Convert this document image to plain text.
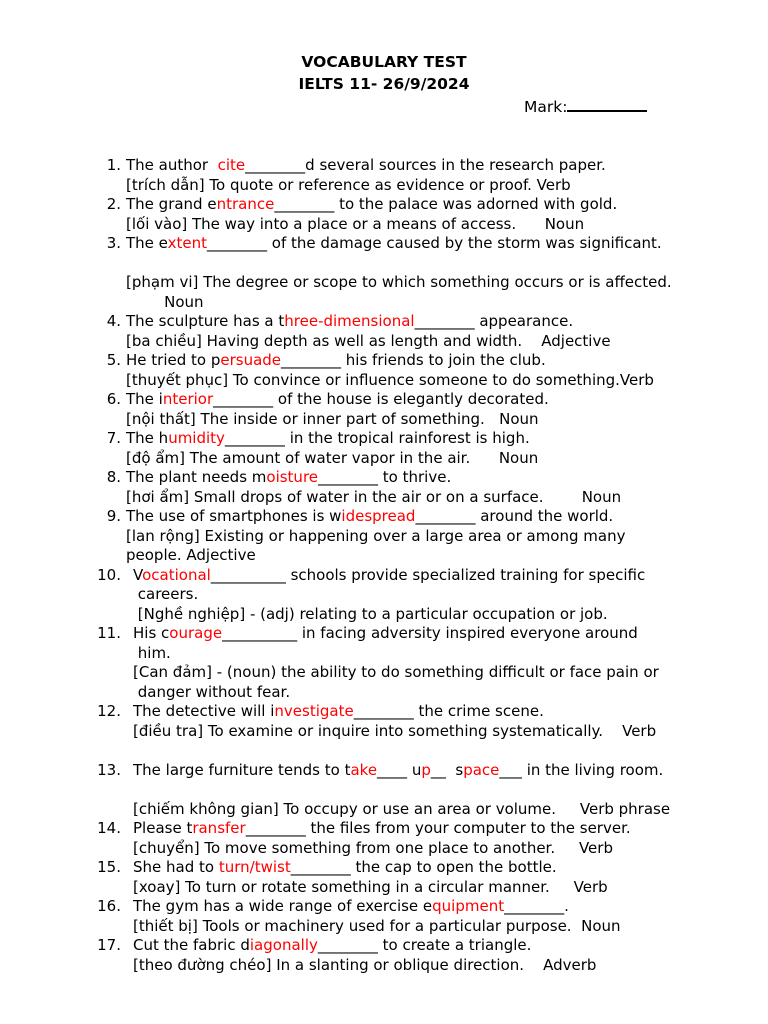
VOCABULARY TEST
IELTS 11- 26/9/2024
Mark:
The author  cite________d several sources in the research paper.
[trích dẫn] To quote or reference as evidence or proof. Verb
1.
The grand entrance________ to the palace was adorned with gold.
[lối vào] The way into a place or a means of access.      Noun
2.
The extent________ of the damage caused by the storm was significant.
[phạm vi] The degree or scope to which something occurs or is affected.
Noun
3.
The sculpture has a three-dimensional________ appearance.
[ba chiều] Having depth as well as length and width.    Adjective
4.
He tried to persuade________ his friends to join the club.
[thuyết phục] To convince or influence someone to do something.Verb
5.
The interior________ of the house is elegantly decorated.
[nội thất] The inside or inner part of something.   Noun
6.
The humidity________ in the tropical rainforest is high.
[độ ẩm] The amount of water vapor in the air.      Noun
7.
The plant needs moisture________ to thrive.
[hơi ẩm] Small drops of water in the air or on a surface.        Noun
8.
The use of smartphones is widespread________ around the world.
[lan rộng] Existing or happening over a large area or among many
people. Adjective
9.
Vocational__________ schools provide specialized training for specific
careers.
[Nghề nghiệp] - (adj) relating to a particular occupation or job.
10.
His courage__________ in facing adversity inspired everyone around
him.
[Can đảm] - (noun) the ability to do something difficult or face pain or
danger without fear.
11.
The detective will investigate________ the crime scene.
[điều tra] To examine or inquire into something systematically.    Verb
12.
The large furniture tends to take____ up__  space___ in the living room.
[chiếm không gian] To occupy or use an area or volume.     Verb phrase
13.
Please transfer________ the files from your computer to the server.
[chuyển] To move something from one place to another.     Verb
14.
She had to turn/twist________ the cap to open the bottle.
[xoay] To turn or rotate something in a circular manner.     Verb
15.
The gym has a wide range of exercise equipment________.
[thiết bị] Tools or machinery used for a particular purpose.  Noun
16.
Cut the fabric diagonally________ to create a triangle.
[theo đường chéo] In a slanting or oblique direction.    Adverb
17.
